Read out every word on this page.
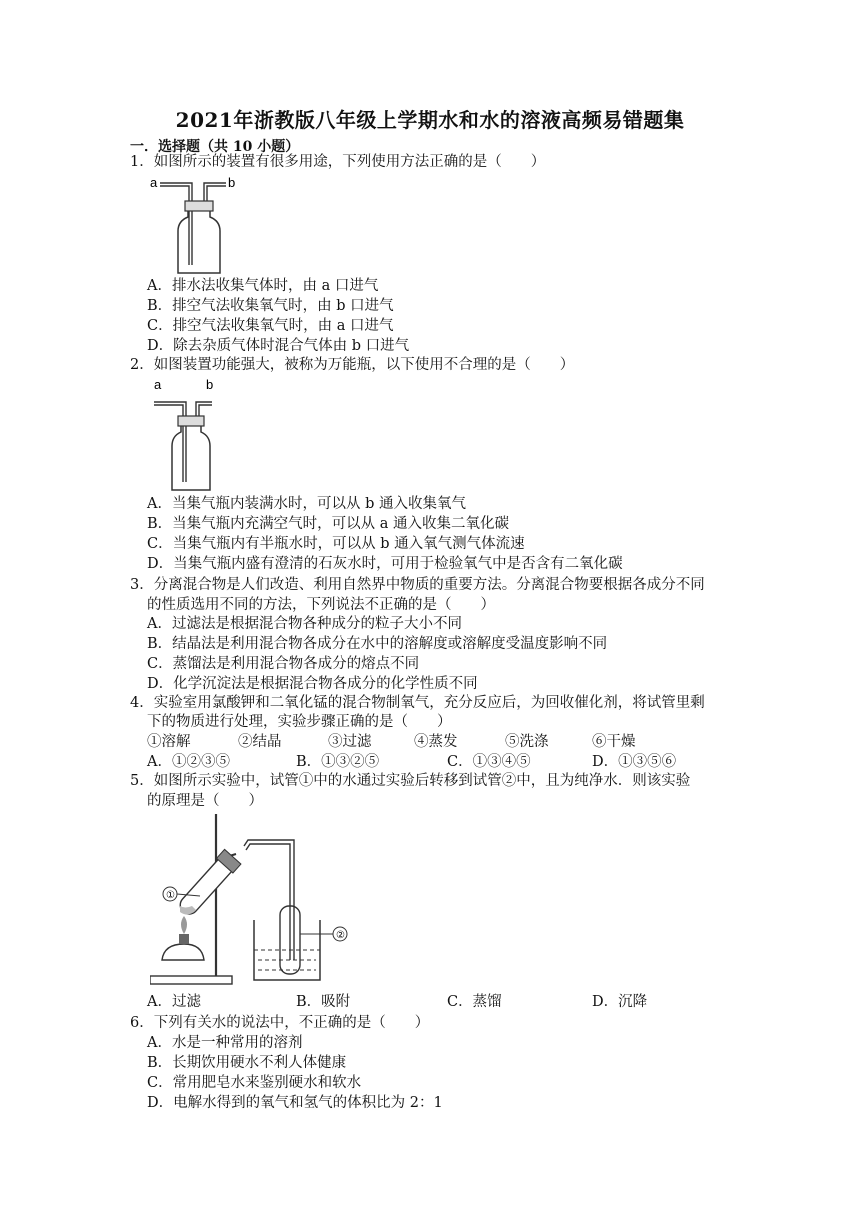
2021年浙教版八年级上学期水和水的溶液高频易错题集
一．选择题（共 10 小题）
1．如图所示的装置有很多用途，下列使用方法正确的是（　　）
a	b
A．排水法收集气体时，由 a 口进气
B．排空气法收集氧气时，由 b 口进气
C．排空气法收集氧气时，由 a 口进气
D．除去杂质气体时混合气体由 b 口进气
2．如图装置功能强大，被称为万能瓶，以下使用不合理的是（　　）
a	b
A．当集气瓶内装满水时，可以从 b 通入收集氧气
B．当集气瓶内充满空气时，可以从 a 通入收集二氧化碳
C．当集气瓶内有半瓶水时，可以从 b 通入氧气测气体流速
D．当集气瓶内盛有澄清的石灰水时，可用于检验氧气中是否含有二氧化碳
3．分离混合物是人们改造、利用自然界中物质的重要方法。分离混合物要根据各成分不同
的性质选用不同的方法，下列说法不正确的是（　　）
A．过滤法是根据混合物各种成分的粒子大小不同
B．结晶法是利用混合物各成分在水中的溶解度或溶解度受温度影响不同
C．蒸馏法是利用混合物各成分的熔点不同
D．化学沉淀法是根据混合物各成分的化学性质不同
4．实验室用氯酸钾和二氧化锰的混合物制氧气，充分反应后，为回收催化剂，将试管里剩
下的物质进行处理，实验步骤正确的是（　　）
①溶解	②结晶	③过滤	④蒸发	⑤洗涤	⑥干燥
A．①②③⑤	B．①③②⑤	C．①③④⑤	D．①③⑤⑥
5．如图所示实验中，试管①中的水通过实验后转移到试管②中，且为纯净水．则该实验
的原理是（　　）
①
②
A．过滤	B．吸附	C．蒸馏	D．沉降
6．下列有关水的说法中，不正确的是（　　）
A．水是一种常用的溶剂
B．长期饮用硬水不利人体健康
C．常用肥皂水来鉴别硬水和软水
D．电解水得到的氧气和氢气的体积比为 2：1
